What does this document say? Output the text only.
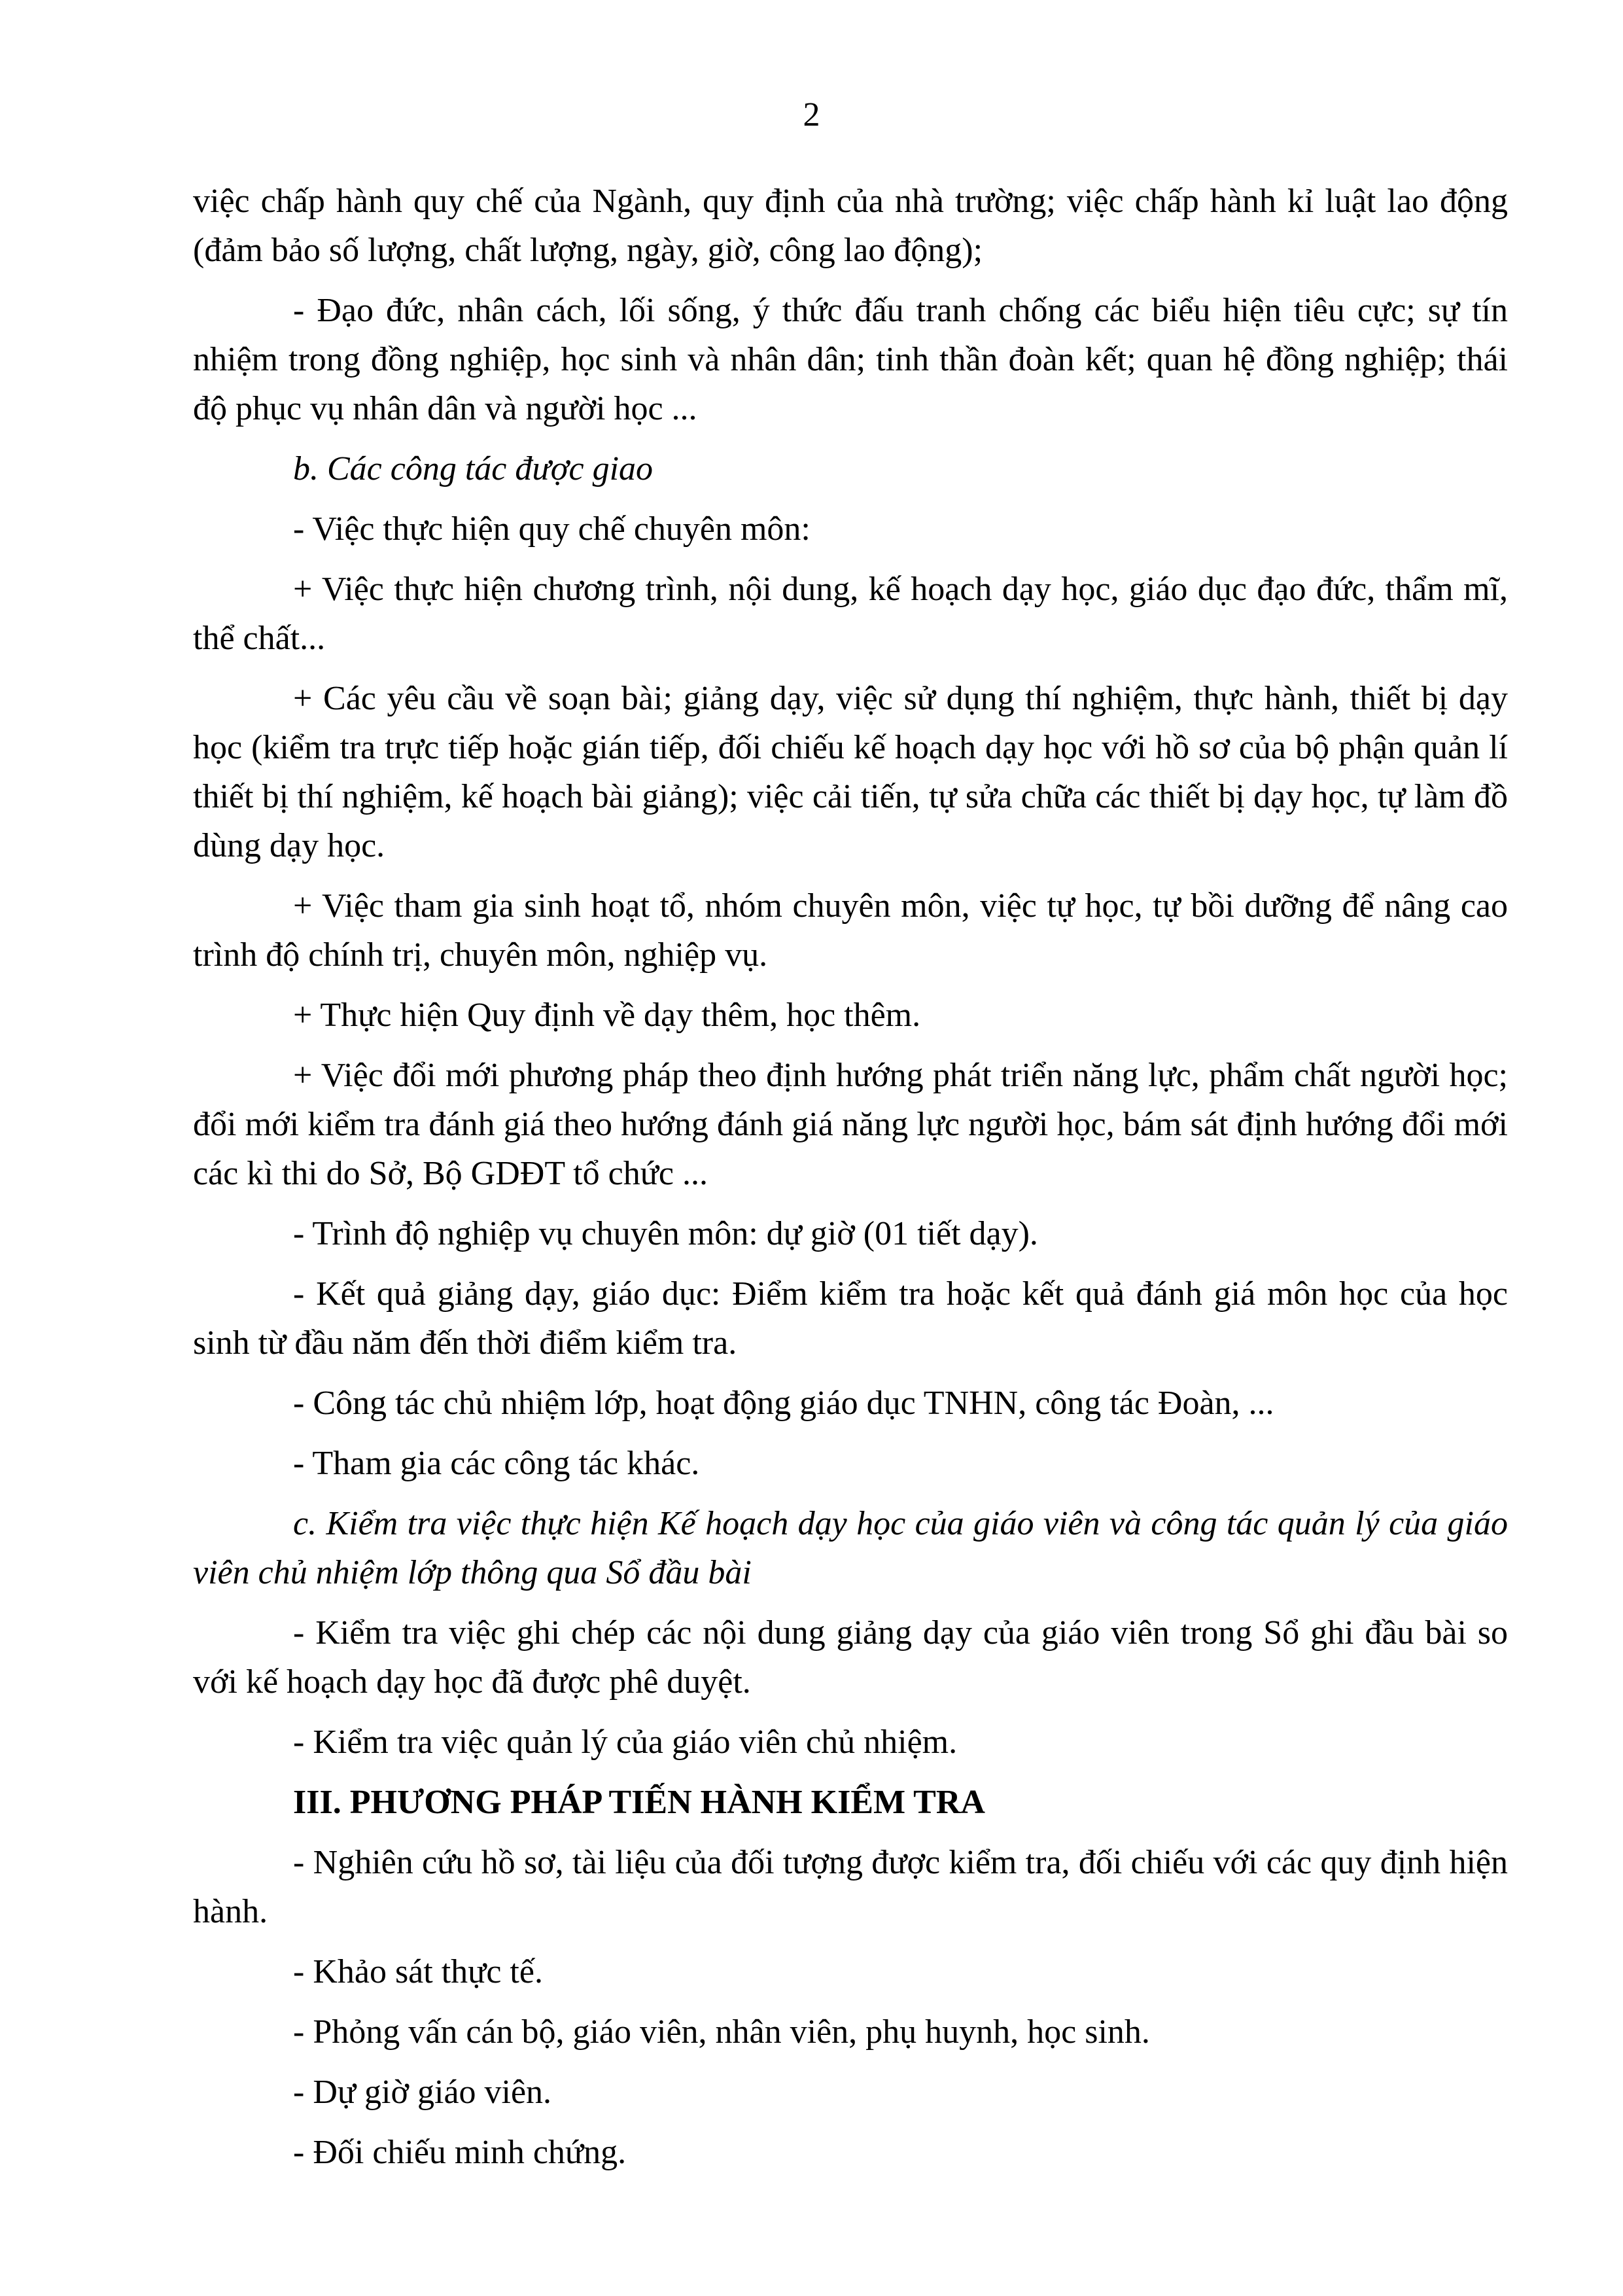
2

việc chấp hành quy chế của Ngành, quy định của nhà trường; việc chấp hành kỉ luật lao động (đảm bảo số lượng, chất lượng, ngày, giờ, công lao động);

- Đạo đức, nhân cách, lối sống, ý thức đấu tranh chống các biểu hiện tiêu cực; sự tín nhiệm trong đồng nghiệp, học sinh và nhân dân; tinh thần đoàn kết; quan hệ đồng nghiệp; thái độ phục vụ nhân dân và người học ...

b. Các công tác được giao

- Việc thực hiện quy chế chuyên môn:

+ Việc thực hiện chương trình, nội dung, kế hoạch dạy học, giáo dục đạo đức, thẩm mĩ, thể chất...

+ Các yêu cầu về soạn bài; giảng dạy, việc sử dụng thí nghiệm, thực hành, thiết bị dạy học (kiểm tra trực tiếp hoặc gián tiếp, đối chiếu kế hoạch dạy học với hồ sơ của bộ phận quản lí thiết bị thí nghiệm, kế hoạch bài giảng); việc cải tiến, tự sửa chữa các thiết bị dạy học, tự làm đồ dùng dạy học.

+ Việc tham gia sinh hoạt tổ, nhóm chuyên môn, việc tự học, tự bồi dưỡng để nâng cao trình độ chính trị, chuyên môn, nghiệp vụ.

+ Thực hiện Quy định về dạy thêm, học thêm.

+ Việc đổi mới phương pháp theo định hướng phát triển năng lực, phẩm chất người học; đổi mới kiểm tra đánh giá theo hướng đánh giá năng lực người học, bám sát định hướng đổi mới các kì thi do Sở, Bộ GDĐT tổ chức ...

- Trình độ nghiệp vụ chuyên môn: dự giờ (01 tiết dạy).

- Kết quả giảng dạy, giáo dục: Điểm kiểm tra hoặc kết quả đánh giá môn học của học sinh từ đầu năm đến thời điểm kiểm tra.

- Công tác chủ nhiệm lớp, hoạt động giáo dục TNHN, công tác Đoàn, ...

- Tham gia các công tác khác.

c. Kiểm tra việc thực hiện Kế hoạch dạy học của giáo viên và công tác quản lý của giáo viên chủ nhiệm lớp thông qua Sổ đầu bài

- Kiểm tra việc ghi chép các nội dung giảng dạy của giáo viên trong Sổ ghi đầu bài so với kế hoạch dạy học đã được phê duyệt.

- Kiểm tra việc quản lý của giáo viên chủ nhiệm.

III. PHƯƠNG PHÁP TIẾN HÀNH KIỂM TRA

- Nghiên cứu hồ sơ, tài liệu của đối tượng được kiểm tra, đối chiếu với các quy định hiện hành.

- Khảo sát thực tế.

- Phỏng vấn cán bộ, giáo viên, nhân viên, phụ huynh, học sinh.

- Dự giờ giáo viên.

- Đối chiếu minh chứng.
